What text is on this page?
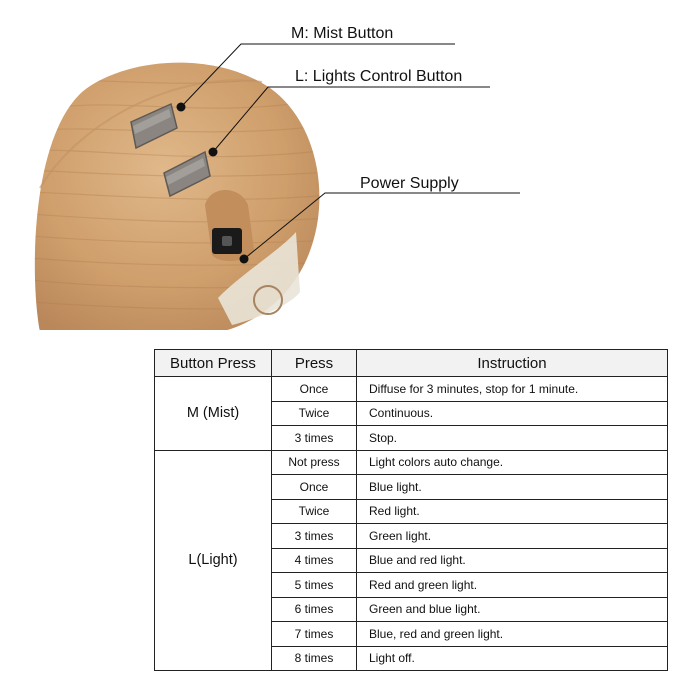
M: Mist Button
L: Lights Control Button
Power Supply
Button Press	Press	Instruction
M (Mist)	Once	Diffuse for 3 minutes, stop for 1 minute.
	Twice	Continuous.
	3 times	Stop.
L(Light)	Not press	Light colors auto change.
	Once	Blue light.
	Twice	Red light.
	3 times	Green light.
	4 times	Blue and red light.
	5 times	Red and green light.
	6 times	Green and blue light.
	7 times	Blue, red and green light.
	8 times	Light off.
